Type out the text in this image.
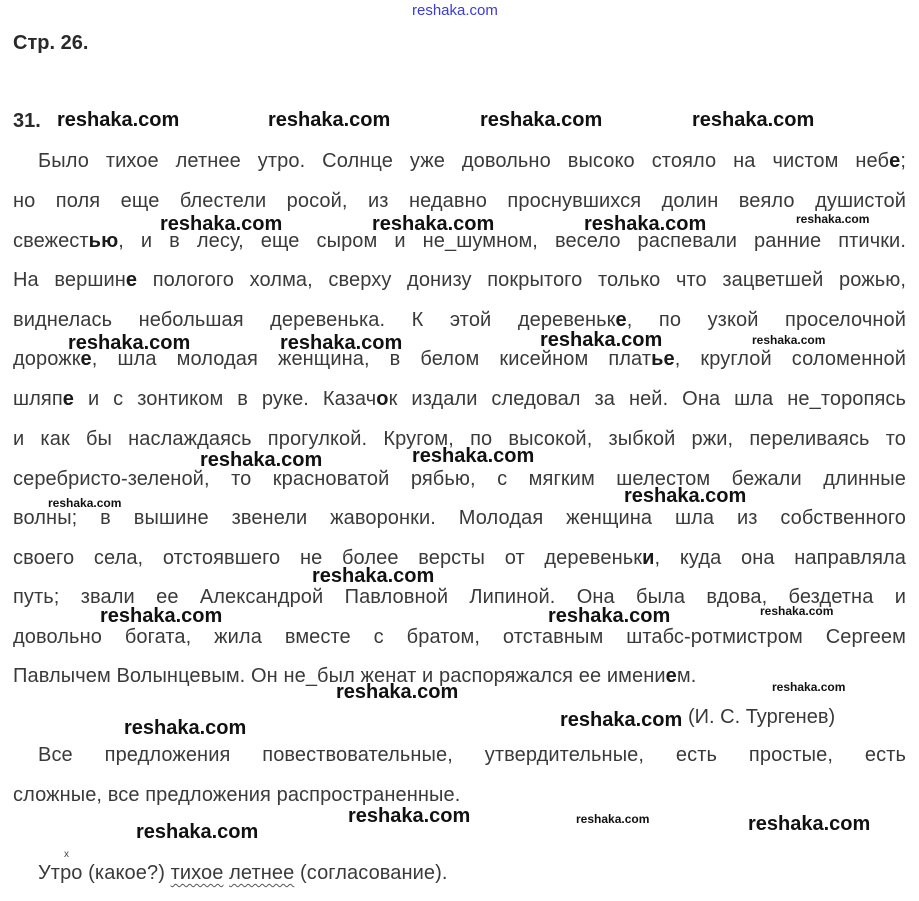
reshaka.com
Стр. 26.
31. reshaka.com	reshaka.com	reshaka.com	reshaka.com
Было тихое летнее утро. Солнце уже довольно высоко стояло на чистом небе;
но поля еще блестели росой, из недавно проснувшихся долин веяло душистой
свежестью, и в лесу, еще сыром и не_шумном, весело распевали ранние птички.
На вершине пологого холма, сверху донизу покрытого только что зацветшей рожью,
виднелась небольшая деревенька. К этой деревеньке, по узкой проселочной
дорожке, шла молодая женщина, в белом кисейном платье, круглой соломенной
шляпе и с зонтиком в руке. Казачок издали следовал за ней. Она шла не_торопясь
и как бы наслаждаясь прогулкой. Кругом, по высокой, зыбкой ржи, переливаясь то
серебристо-зеленой, то красноватой рябью, с мягким шелестом бежали длинные
волны; в вышине звенели жаворонки. Молодая женщина шла из собственного
своего села, отстоявшего не более версты от деревеньки, куда она направляла
путь; звали ее Александрой Павловной Липиной. Она была вдова, бездетна и
довольно богата, жила вместе с братом, отставным штабс-ротмистром Сергеем
Павлычем Волынцевым. Он не_был женат и распоряжался ее имением.
(И. С. Тургенев)
Все предложения повествовательные, утвердительные, есть простые, есть
сложные, все предложения распространенные.
x
Утро (какое?) тихое летнее (согласование).
reshaka.com	reshaka.com	reshaka.com	reshaka.com
reshaka.com	reshaka.com	reshaka.com	reshaka.com
reshaka.com	reshaka.com
reshaka.com	reshaka.com
reshaka.com
reshaka.com	reshaka.com	reshaka.com
reshaka.com	reshaka.com
reshaka.com	reshaka.com
reshaka.com
reshaka.com	reshaka.com	reshaka.com
